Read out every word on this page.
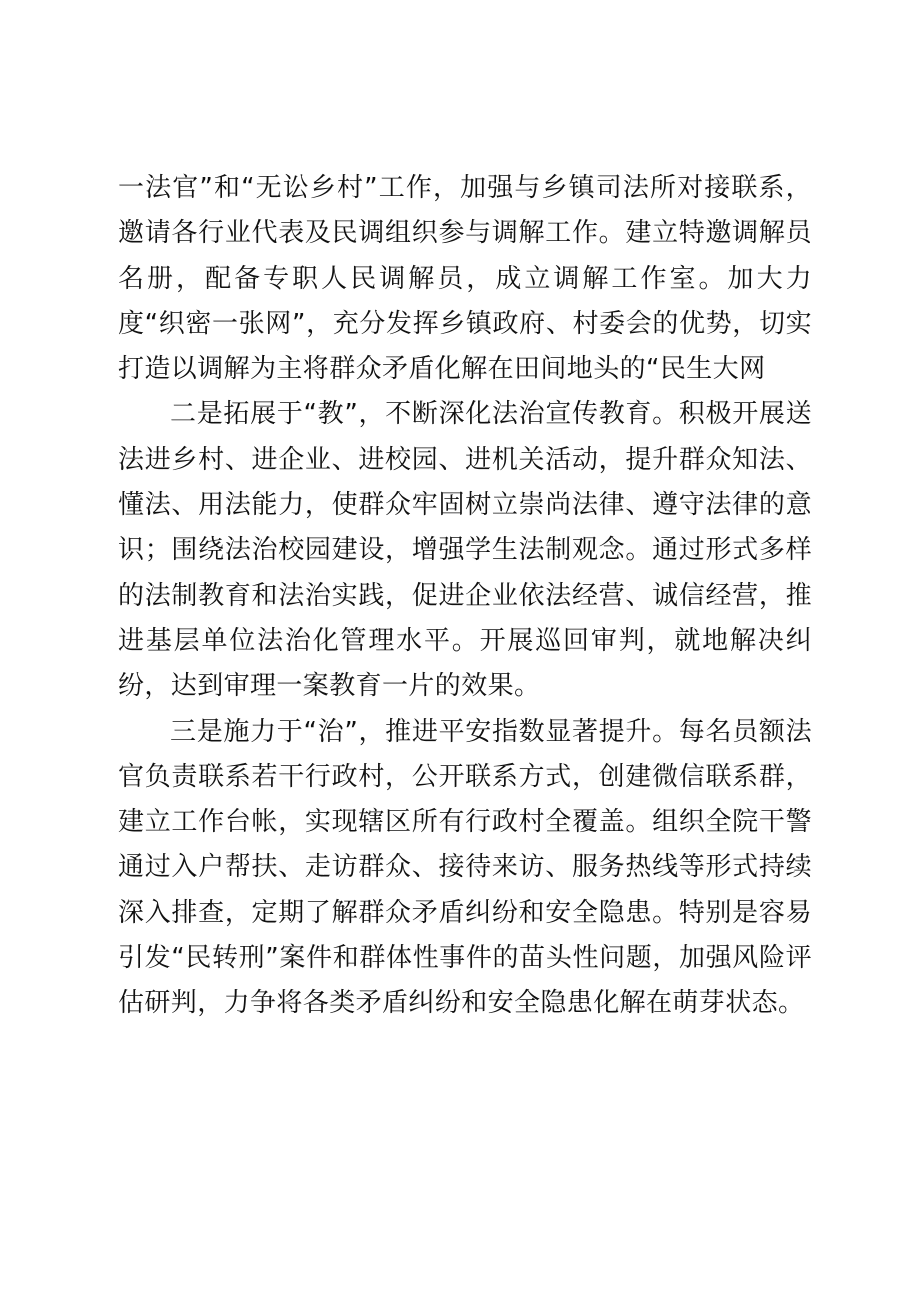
一法官”和“无讼乡村”工作，加强与乡镇司法所对接联系，邀请各行业代表及民调组织参与调解工作。建立特邀调解员名册，配备专职人民调解员，成立调解工作室。加大力度“织密一张网”，充分发挥乡镇政府、村委会的优势，切实打造以调解为主将群众矛盾化解在田间地头的“民生大网

二是拓展于“教”，不断深化法治宣传教育。积极开展送法进乡村、进企业、进校园、进机关活动，提升群众知法、懂法、用法能力，使群众牢固树立崇尚法律、遵守法律的意识；围绕法治校园建设，增强学生法制观念。通过形式多样的法制教育和法治实践，促进企业依法经营、诚信经营，推进基层单位法治化管理水平。开展巡回审判，就地解决纠纷，达到审理一案教育一片的效果。

三是施力于“治”，推进平安指数显著提升。每名员额法官负责联系若干行政村，公开联系方式，创建微信联系群，建立工作台帐，实现辖区所有行政村全覆盖。组织全院干警通过入户帮扶、走访群众、接待来访、服务热线等形式持续深入排查，定期了解群众矛盾纠纷和安全隐患。特别是容易引发“民转刑”案件和群体性事件的苗头性问题，加强风险评估研判，力争将各类矛盾纠纷和安全隐患化解在萌芽状态。
